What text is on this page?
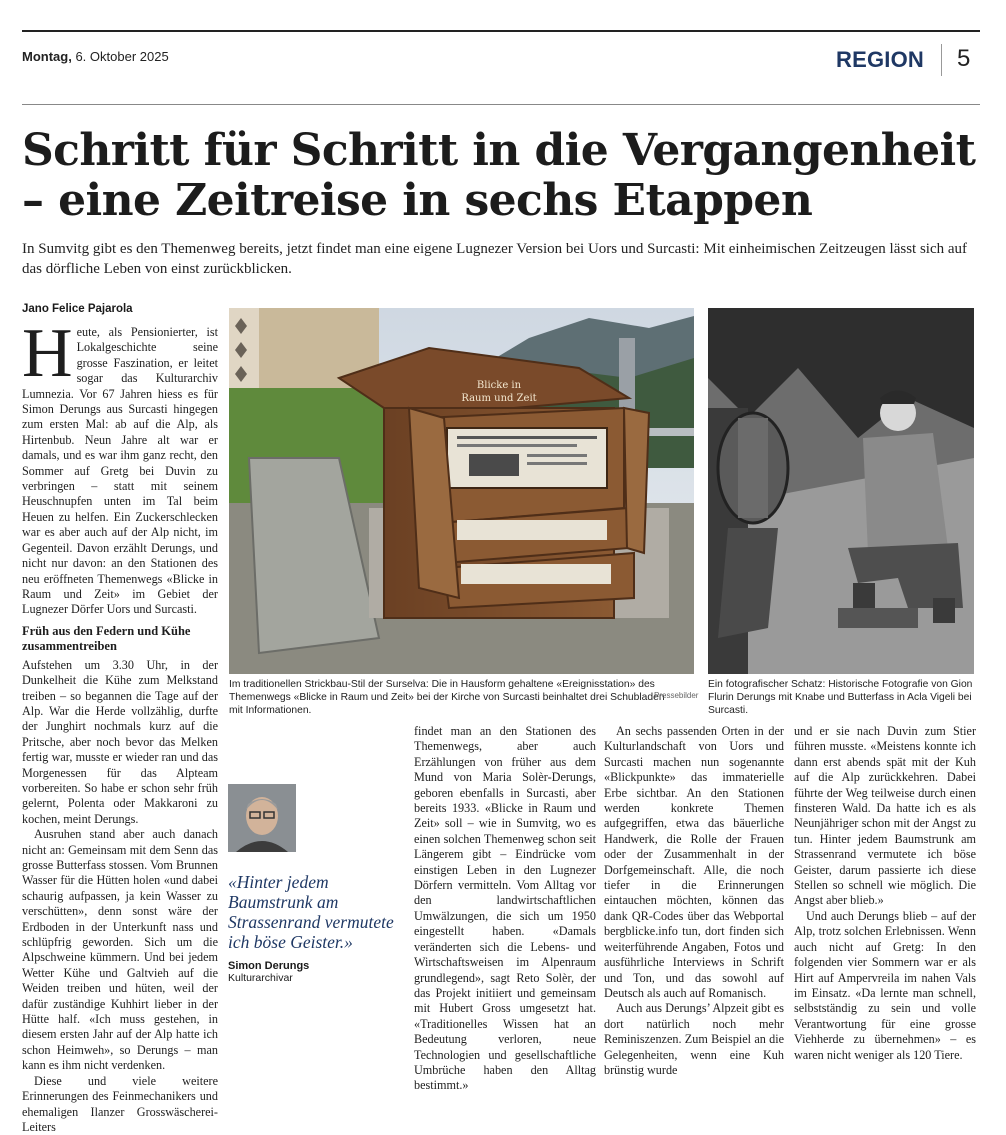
Montag, 6. Oktober 2025	REGION 5
Schritt für Schritt in die Vergangenheit – eine Zeitreise in sechs Etappen

In Sumvitg gibt es den Themenweg bereits, jetzt findet man eine eigene Lugnezer Version bei Uors und Surcasti: Mit einheimischen Zeitzeugen lässt sich auf das dörfliche Leben von einst zurückblicken.

Jano Felice Pajarola

Heute, als Pensionierter, ist Lokalgeschichte seine grosse Faszination, er leitet sogar das Kulturarchiv Lumnezia. Vor 67 Jahren hiess es für Simon Derungs aus Surcasti hingegen zum ersten Mal: ab auf die Alp, als Hirtenbub. Neun Jahre alt war er damals, und es war ihm ganz recht, den Sommer auf Gretg bei Duvin zu verbringen – statt mit seinem Heuschnupfen unten im Tal beim Heuen zu helfen. Ein Zuckerschlecken war es aber auch auf der Alp nicht, im Gegenteil. Davon erzählt Derungs, und nicht nur davon: an den Stationen des neu eröffneten Themenwegs «Blicke in Raum und Zeit» im Gebiet der Lugnezer Dörfer Uors und Surcasti.

Früh aus den Federn und Kühe zusammentreiben

Aufstehen um 3.30 Uhr, in der Dunkelheit die Kühe zum Melkstand treiben – so begannen die Tage auf der Alp. War die Herde vollzählig, durfte der Junghirt nochmals kurz auf die Pritsche, aber noch bevor das Melken fertig war, musste er wieder ran und das Morgenessen für das Alpteam vorbereiten. So habe er schon sehr früh gelernt, Polenta oder Makkaroni zu kochen, meint Derungs.

Ausruhen stand aber auch danach nicht an: Gemeinsam mit dem Senn das grosse Butterfass stossen. Vom Brunnen Wasser für die Hütten holen «und dabei schaurig aufpassen, ja kein Wasser zu verschütten», denn sonst wäre der Erdboden in der Unterkunft nass und schlüpfrig geworden. Sich um die Alpschweine kümmern. Und bei jedem Wetter Kühe und Galtvieh auf die Weiden treiben und hüten, weil der dafür zuständige Kuhhirt lieber in der Hütte half. «Ich muss gestehen, in diesem ersten Jahr auf der Alp hatte ich schon Heimweh», so Derungs – man kann es ihm nicht verdenken.

Diese und viele weitere Erinnerungen des Feinmechanikers und ehemaligen Ilanzer Grosswäscherei-Leiters

Blicke in
Raum und Zeit
Im traditionellen Strickbau-Stil der Surselva: Die in Hausform gehaltene «Ereignisstation» des Themenwegs «Blicke in Raum und Zeit» bei der Kirche von Surcasti beinhaltet drei Schubladen mit Informationen.
Pressebilder
Ein fotografischer Schatz: Historische Fotografie von Gion Flurin Derungs mit Knabe und Butterfass in Acla Vigeli bei Surcasti.
«Hinter jedem Baumstrunk am Strassenrand vermutete ich böse Geister.»
Simon Derungs
Kulturarchivar

findet man an den Stationen des Themenwegs, aber auch Erzählungen von früher aus dem Mund von Maria Solèr-Derungs, geboren ebenfalls in Surcasti, aber bereits 1933. «Blicke in Raum und Zeit» soll – wie in Sumvitg, wo es einen solchen Themenweg schon seit Längerem gibt – Eindrücke vom einstigen Leben in den Lugnezer Dörfern vermitteln. Vom Alltag vor den landwirtschaftlichen Umwälzungen, die sich um 1950 eingestellt haben. «Damals veränderten sich die Lebens- und Wirtschaftsweisen im Alpenraum grundlegend», sagt Reto Solèr, der das Projekt initiiert und gemeinsam mit Hubert Gross umgesetzt hat. «Traditionelles Wissen hat an Bedeutung verloren, neue Technologien und gesellschaftliche Umbrüche haben den Alltag bestimmt.»

An sechs passenden Orten in der Kulturlandschaft von Uors und Surcasti machen nun sogenannte «Blickpunkte» das immaterielle Erbe sichtbar. An den Stationen werden konkrete Themen aufgegriffen, etwa das bäuerliche Handwerk, die Rolle der Frauen oder der Zusammenhalt in der Dorfgemeinschaft. Alle, die noch tiefer in die Erinnerungen eintauchen möchten, können das dank QR-Codes über das Webportal bergblicke.info tun, dort finden sich weiterführende Angaben, Fotos und ausführliche Interviews in Schrift und Ton, und das sowohl auf Deutsch als auch auf Romanisch.

Auch aus Derungs’ Alpzeit gibt es dort natürlich noch mehr Reminiszenzen. Zum Beispiel an die Gelegenheiten, wenn eine Kuh brünstig wurde

und er sie nach Duvin zum Stier führen musste. «Meistens konnte ich dann erst abends spät mit der Kuh auf die Alp zurückkehren. Dabei führte der Weg teilweise durch einen finsteren Wald. Da hatte ich es als Neunjähriger schon mit der Angst zu tun. Hinter jedem Baumstrunk am Strassenrand vermutete ich böse Geister, darum passierte ich diese Stellen so schnell wie möglich. Die Angst aber blieb.»

Und auch Derungs blieb – auf der Alp, trotz solchen Erlebnissen. Wenn auch nicht auf Gretg: In den folgenden vier Sommern war er als Hirt auf Ampervreila im nahen Vals im Einsatz. «Da lernte man schnell, selbstständig zu sein und volle Verantwortung für eine grosse Viehherde zu übernehmen» – es waren nicht weniger als 120 Tiere.
